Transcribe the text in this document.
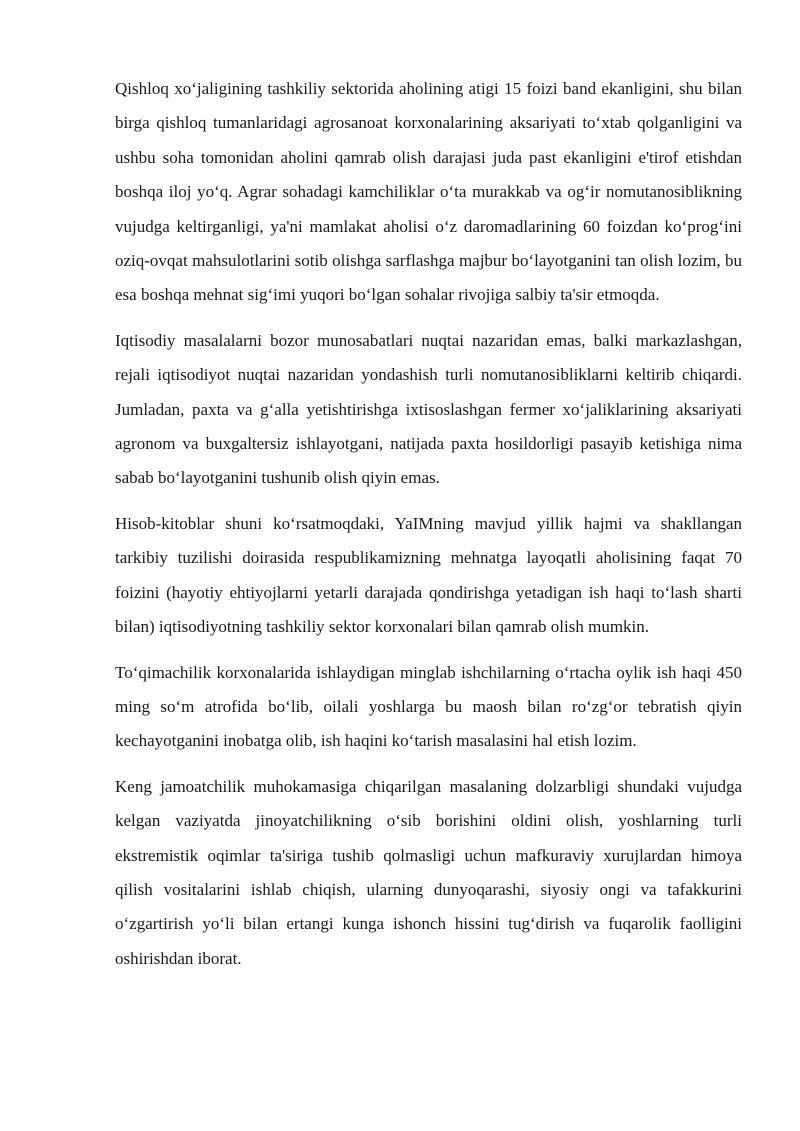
Qishloq xo‘jaligining tashkiliy sektorida aholining atigi 15 foizi band ekanligini, shu bilan birga qishloq tumanlaridagi agrosanoat korxonalarining aksariyati to‘xtab qolganligini va ushbu soha tomonidan aholini qamrab olish darajasi juda past ekanligini e'tirof etishdan boshqa iloj yo‘q. Agrar sohadagi kamchiliklar o‘ta murakkab va og‘ir nomutanosiblikning vujudga keltirganligi, ya'ni mamlakat aholisi o‘z daromadlarining 60 foizdan ko‘prog‘ini oziq-ovqat mahsulotlarini sotib olishga sarflashga majbur bo‘layotganini tan olish lozim, bu esa boshqa mehnat sig‘imi yuqori bo‘lgan sohalar rivojiga salbiy ta'sir etmoqda.

Iqtisodiy masalalarni bozor munosabatlari nuqtai nazaridan emas, balki markazlashgan, rejali iqtisodiyot nuqtai nazaridan yondashish turli nomutanosibliklarni keltirib chiqardi. Jumladan, paxta va g‘alla yetishtirishga ixtisoslashgan fermer xo‘jaliklarining aksariyati agronom va buxgaltersiz ishlayotgani, natijada paxta hosildorligi pasayib ketishiga nima sabab bo‘layotganini tushunib olish qiyin emas.

Hisob-kitoblar shuni ko‘rsatmoqdaki, YaIMning mavjud yillik hajmi va shakllangan tarkibiy tuzilishi doirasida respublikamizning mehnatga layoqatli aholisining faqat 70 foizini (hayotiy ehtiyojlarni yetarli darajada qondirishga yetadigan ish haqi to‘lash sharti bilan) iqtisodiyotning tashkiliy sektor korxonalari bilan qamrab olish mumkin.

To‘qimachilik korxonalarida ishlaydigan minglab ishchilarning o‘rtacha oylik ish haqi 450 ming so‘m atrofida bo‘lib, oilali yoshlarga bu maosh bilan ro‘zg‘or tebratish qiyin kechayotganini inobatga olib, ish haqini ko‘tarish masalasini hal etish lozim.

Keng jamoatchilik muhokamasiga chiqarilgan masalaning dolzarbligi shundaki vujudga kelgan vaziyatda jinoyatchilikning o‘sib borishini oldini olish, yoshlarning turli ekstremistik oqimlar ta'siriga tushib qolmasligi uchun mafkuraviy xurujlardan himoya qilish vositalarini ishlab chiqish, ularning dunyoqarashi, siyosiy ongi va tafakkurini o‘zgartirish yo‘li bilan ertangi kunga ishonch hissini tug‘dirish va fuqarolik faolligini oshirishdan iborat.
